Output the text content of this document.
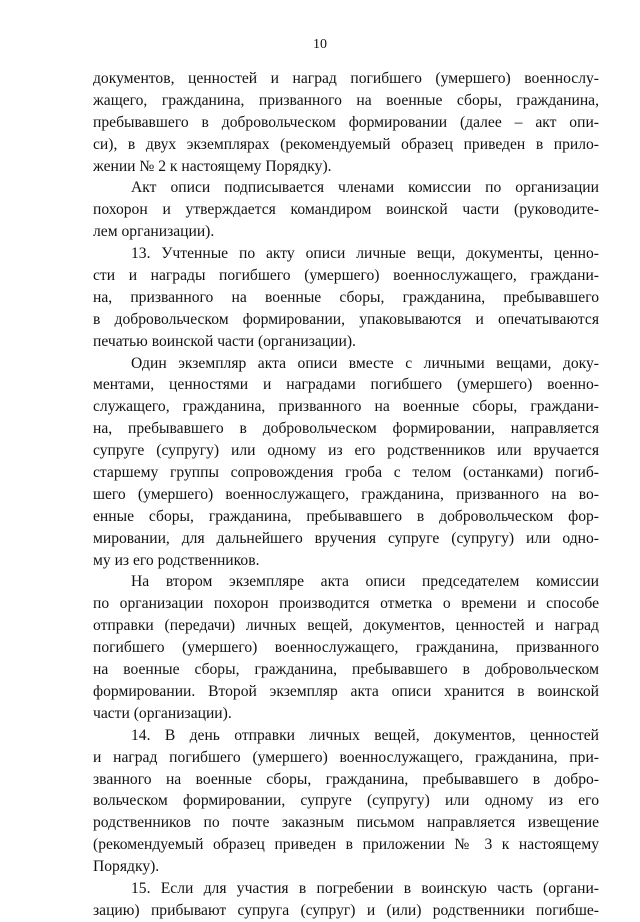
10
документов, ценностей и наград погибшего (умершего) военнослу-
жащего, гражданина, призванного на военные сборы, гражданина,
пребывавшего в добровольческом формировании (далее – акт опи-
си), в двух экземплярах (рекомендуемый образец приведен в прило-
жении № 2 к настоящему Порядку).
Акт описи подписывается членами комиссии по организации
похорон и утверждается командиром воинской части (руководите-
лем организации).
13. Учтенные по акту описи личные вещи, документы, ценно-
сти и награды погибшего (умершего) военнослужащего, граждани-
на, призванного на военные сборы, гражданина, пребывавшего
в добровольческом формировании, упаковываются и опечатываются
печатью воинской части (организации).
Один экземпляр акта описи вместе с личными вещами, доку-
ментами, ценностями и наградами погибшего (умершего) военно-
служащего, гражданина, призванного на военные сборы, граждани-
на, пребывавшего в добровольческом формировании, направляется
супруге (супругу) или одному из его родственников или вручается
старшему группы сопровождения гроба с телом (останками) погиб-
шего (умершего) военнослужащего, гражданина, призванного на во-
енные сборы, гражданина, пребывавшего в добровольческом фор-
мировании, для дальнейшего вручения супруге (супругу) или одно-
му из его родственников.
На втором экземпляре акта описи председателем комиссии
по организации похорон производится отметка о времени и способе
отправки (передачи) личных вещей, документов, ценностей и наград
погибшего (умершего) военнослужащего, гражданина, призванного
на военные сборы, гражданина, пребывавшего в добровольческом
формировании. Второй экземпляр акта описи хранится в воинской
части (организации).
14. В день отправки личных вещей, документов, ценностей
и наград погибшего (умершего) военнослужащего, гражданина, при-
званного на военные сборы, гражданина, пребывавшего в добро-
вольческом формировании, супруге (супругу) или одному из его
родственников по почте заказным письмом направляется извещение
(рекомендуемый образец приведен в приложении № 3 к настоящему
Порядку).
15. Если для участия в погребении в воинскую часть (органи-
зацию) прибывают супруга (супруг) и (или) родственники погибше-
